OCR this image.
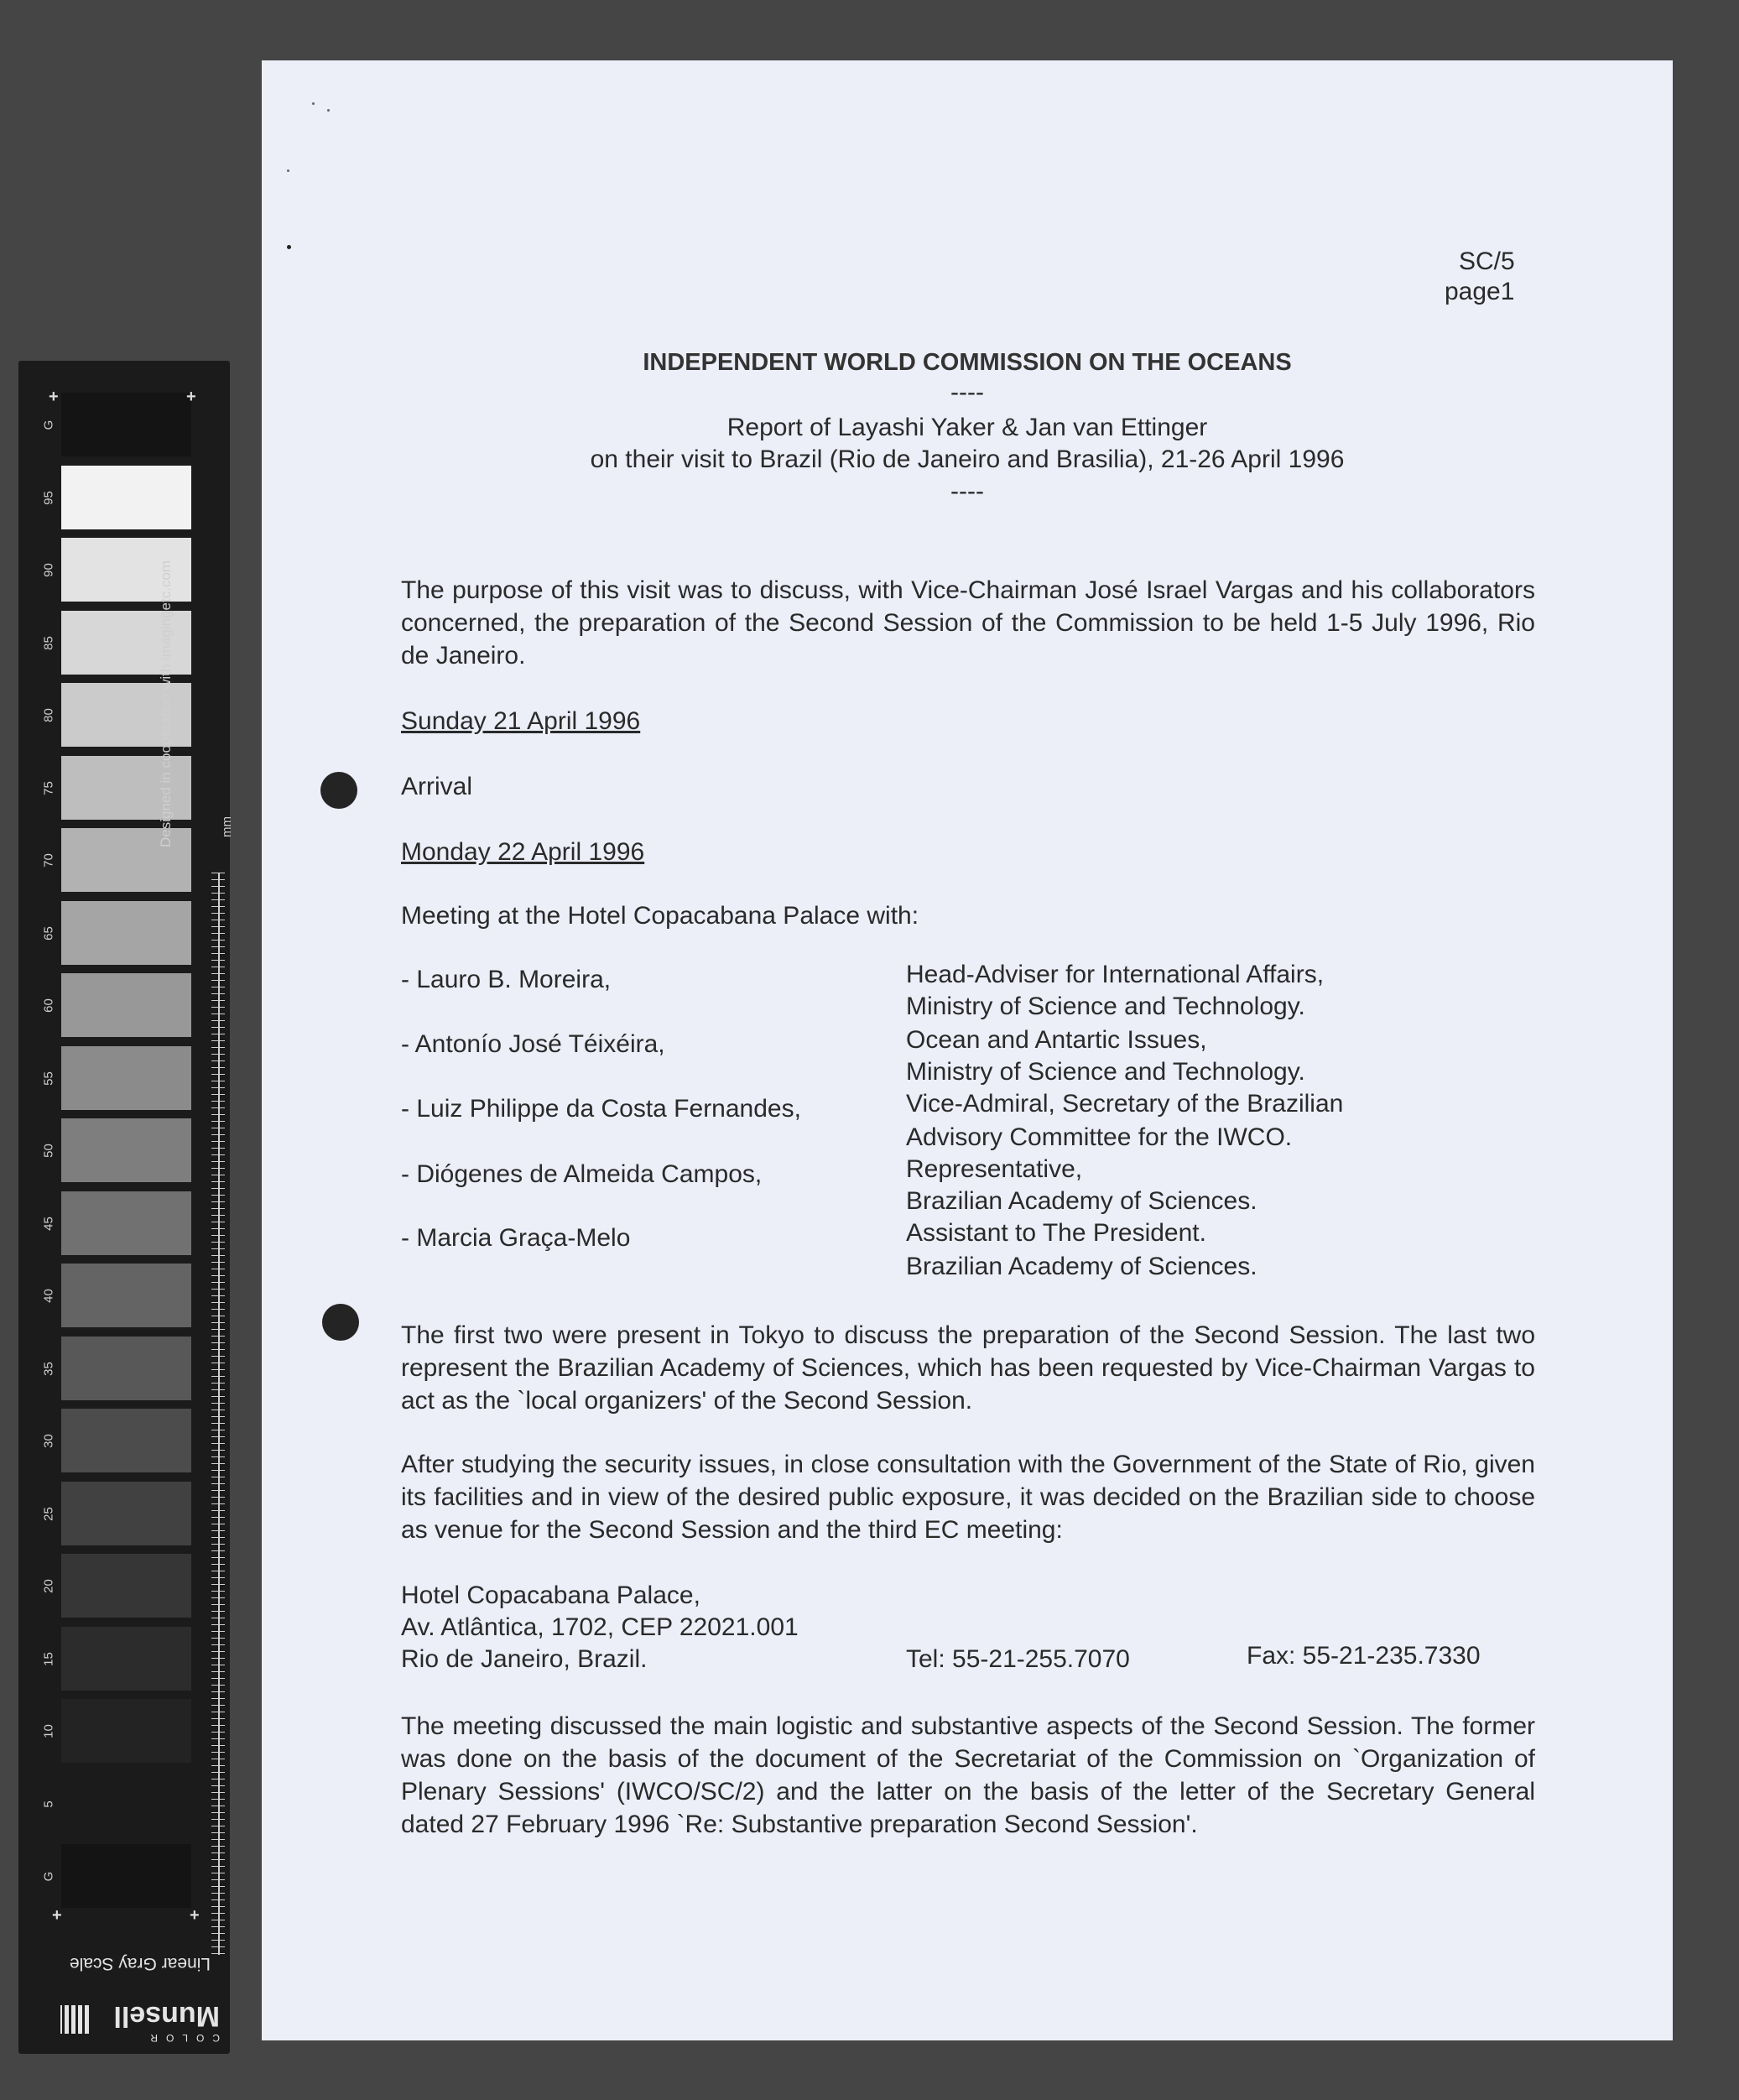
G
95
90
85
80
75
70
65
60
55
50
45
40
35
30
25
20
15
10
5
G
+	+
+	+
Designed in cooperation with imagingetc.com	mm
Linear Gray Scale
COLOR
Munsell
SC/5
page1
INDEPENDENT WORLD COMMISSION ON THE OCEANS
----
Report of Layashi Yaker & Jan van Ettinger
on their visit to Brazil (Rio de Janeiro and Brasilia), 21-26 April 1996
----
The purpose of this visit was to discuss, with Vice-Chairman José Israel Vargas and his collaborators concerned, the preparation of the Second Session of the Commission to be held 1-5 July 1996, Rio de Janeiro.
Sunday 21 April 1996
Arrival
Monday 22 April 1996
Meeting at the Hotel Copacabana Palace with:
- Lauro B. Moreira,	Head-Adviser for International Affairs,
Ministry of Science and Technology.
- Antonío José Téixéira,	Ocean and Antartic Issues,
Ministry of Science and Technology.
- Luiz Philippe da Costa Fernandes,	Vice-Admiral, Secretary of the Brazilian
Advisory Committee for the IWCO.
- Diógenes de Almeida Campos,	Representative,
Brazilian Academy of Sciences.
- Marcia Graça-Melo	Assistant to The President.
Brazilian Academy of Sciences.
The first two were present in Tokyo to discuss the preparation of the Second Session. The last two represent the Brazilian Academy of Sciences, which has been requested by Vice-Chairman Vargas to act as the `local organizers' of the Second Session.
After studying the security issues, in close consultation with the Government of the State of Rio, given its facilities and in view of the desired public exposure, it was decided on the Brazilian side to choose as venue for the Second Session and the third EC meeting:
Hotel Copacabana Palace,
Av. Atlântica, 1702, CEP 22021.001
Rio de Janeiro, Brazil.	Tel: 55-21-255.7070	Fax: 55-21-235.7330
The meeting discussed the main logistic and substantive aspects of the Second Session. The former was done on the basis of the document of the Secretariat of the Commission on `Organization of Plenary Sessions' (IWCO/SC/2) and the latter on the basis of the letter of the Secretary General dated 27 February 1996 `Re: Substantive preparation Second Session'.
